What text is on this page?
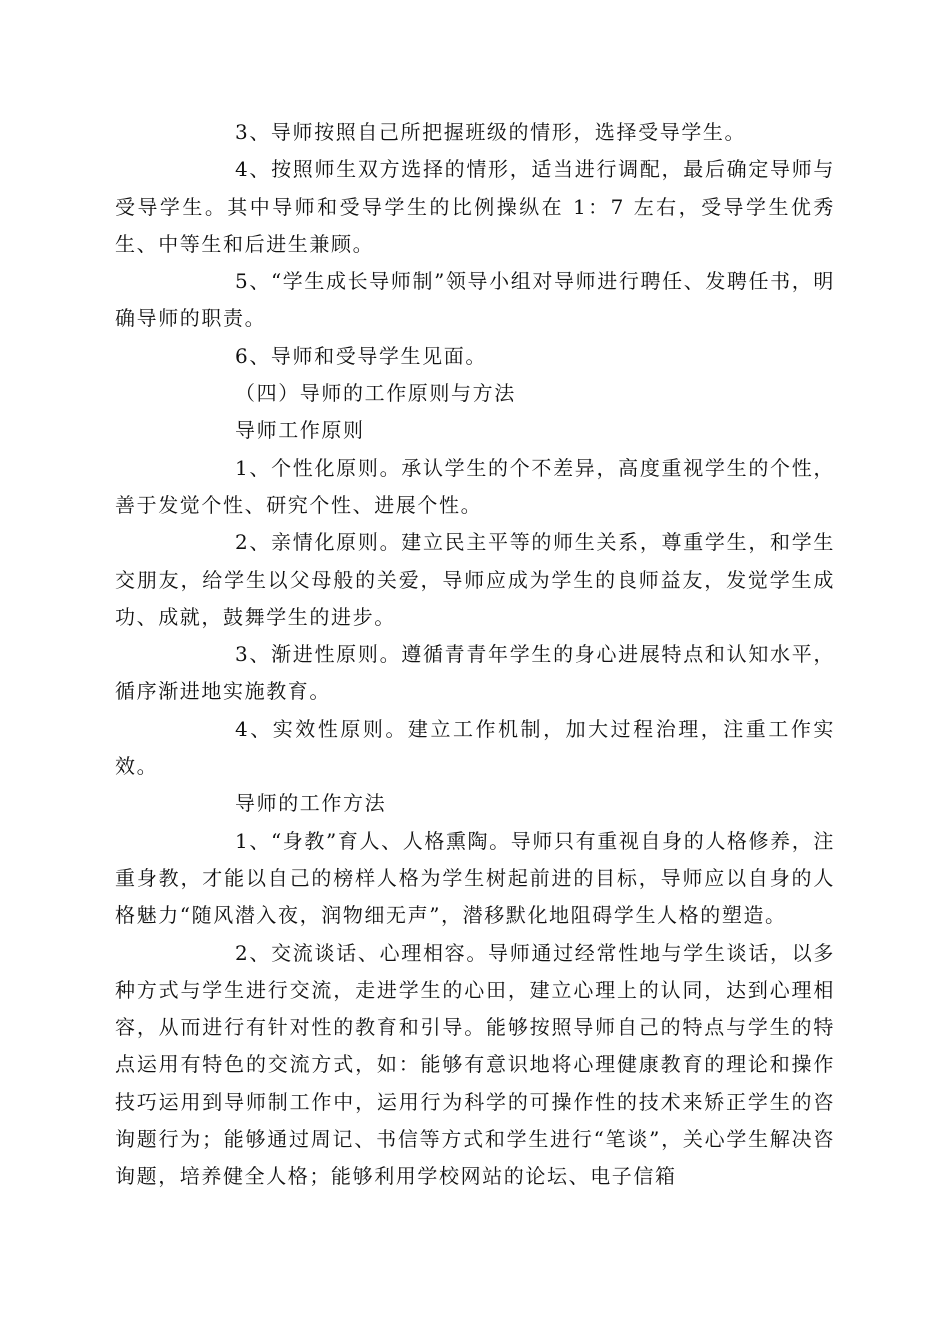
3、导师按照自己所把握班级的情形，选择受导学生。

4、按照师生双方选择的情形，适当进行调配，最后确定导师与受导学生。其中导师和受导学生的比例操纵在 1：7 左右，受导学生优秀生、中等生和后进生兼顾。

5、“学生成长导师制”领导小组对导师进行聘任、发聘任书，明确导师的职责。

6、导师和受导学生见面。

（四）导师的工作原则与方法

导师工作原则

1、个性化原则。承认学生的个不差异，高度重视学生的个性，善于发觉个性、研究个性、进展个性。

2、亲情化原则。建立民主平等的师生关系，尊重学生，和学生交朋友，给学生以父母般的关爱，导师应成为学生的良师益友，发觉学生成功、成就，鼓舞学生的进步。

3、渐进性原则。遵循青青年学生的身心进展特点和认知水平，循序渐进地实施教育。

4、实效性原则。建立工作机制，加大过程治理，注重工作实效。

导师的工作方法

1、“身教”育人、人格熏陶。导师只有重视自身的人格修养，注重身教，才能以自己的榜样人格为学生树起前进的目标，导师应以自身的人格魅力“随风潜入夜，润物细无声”，潜移默化地阻碍学生人格的塑造。

2、交流谈话、心理相容。导师通过经常性地与学生谈话，以多种方式与学生进行交流，走进学生的心田，建立心理上的认同，达到心理相容，从而进行有针对性的教育和引导。能够按照导师自己的特点与学生的特点运用有特色的交流方式，如：能够有意识地将心理健康教育的理论和操作技巧运用到导师制工作中，运用行为科学的可操作性的技术来矫正学生的咨询题行为；能够通过周记、书信等方式和学生进行“笔谈”，关心学生解决咨询题，培养健全人格；能够利用学校网站的论坛、电子信箱
